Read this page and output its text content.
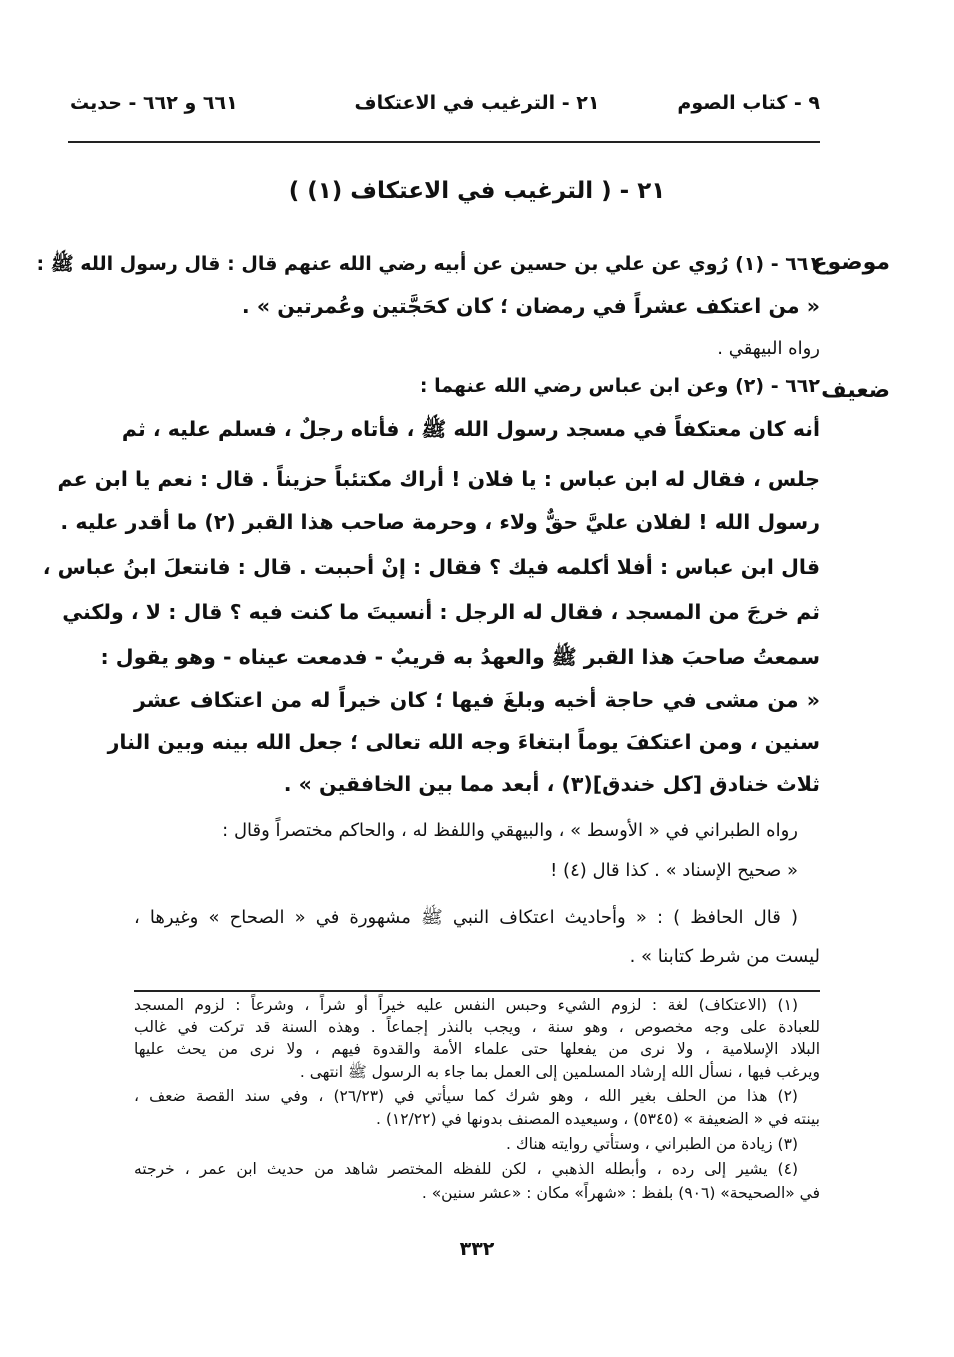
٩ - كتاب الصوم
٢١ - الترغيب في الاعتكاف
٦٦١ و ٦٦٢ - حديث
٢١ - ( الترغيب في الاعتكاف (١) )
موضوع
٦٦١ - (١) رُوي عن علي بن حسين عن أبيه رضي الله عنهم قال : قال رسول الله ﷺ :
« من اعتكف عشراً في رمضان ؛ كان كحَجَّتين وعُمرتين » .
رواه البيهقي .
ضعيف
٦٦٢ - (٢) وعن ابن عباس رضي الله عنهما :
أنه كان معتكفاً في مسجد رسول الله ﷺ ، فأتاه رجلٌ ، فسلم عليه ، ثم
جلس ، فقال له ابن عباس : يا فلان ! أراك مكتئباً حزيناً . قال : نعم يا ابن عم
رسول الله ! لفلان عليَّ حقٌّ ولاء ، وحرمة صاحب هذا القبر (٢) ما أقدر عليه .
قال ابن عباس : أفلا أكلمه فيك ؟ فقال : إنْ أحببت . قال : فانتعلَ ابنُ عباس ،
ثم خرجَ من المسجد ، فقال له الرجل : أنسيتَ ما كنت فيه ؟ قال : لا ، ولكني
سمعتُ صاحبَ هذا القبر ﷺ والعهدُ به قريبٌ - فدمعت عيناه - وهو يقول :
« من مشى في حاجة أخيه وبلغَ فيها ؛ كان خيراً له من اعتكاف عشر
سنين ، ومن اعتكفَ يوماً ابتغاءَ وجه الله تعالى ؛ جعل الله بينه وبين النار
ثلاث خنادق [كل خندق](٣) ، أبعد مما بين الخافقين » .
رواه الطبراني في « الأوسط » ، والبيهقي واللفظ له ، والحاكم مختصراً وقال :
« صحيح الإسناد » . كذا قال (٤) !
( قال الحافظ ) : « وأحاديث اعتكاف النبي ﷺ مشهورة في « الصحاح » وغيرها ،
ليست من شرط كتابنا » .
(١) (الاعتكاف) لغة : لزوم الشيء وحبس النفس عليه خيراً أو شراً ، وشرعاً : لزوم المسجد
للعبادة على وجه مخصوص ، وهو سنة ، ويجب بالنذر إجماعاً . وهذه السنة قد تركت في غالب
البلاد الإسلامية ، ولا نرى من يفعلها حتى علماء الأمة والقدوة فيهم ، ولا نرى من يحث عليها
ويرغب فيها ، نسأل الله إرشاد المسلمين إلى العمل بما جاء به الرسول ﷺ انتهى .
(٢) هذا من الحلف بغير الله ، وهو شرك كما سيأتي في (٢٦/٢٣) ، وفي سند القصة ضعف ،
بينته في « الضعيفة » (٥٣٤٥) ، وسيعيده المصنف بدونها في (١٢/٢٢) .
(٣) زيادة من الطبراني ، وستأتي روايته هناك .
(٤) يشير إلى رده ، وأبطله الذهبي ، لكن للفظه المختصر شاهد من حديث ابن عمر ، خرجته
في «الصحيحة» (٩٠٦) بلفظ : «شهراً» مكان : «عشر سنين» .
٣٣٢
